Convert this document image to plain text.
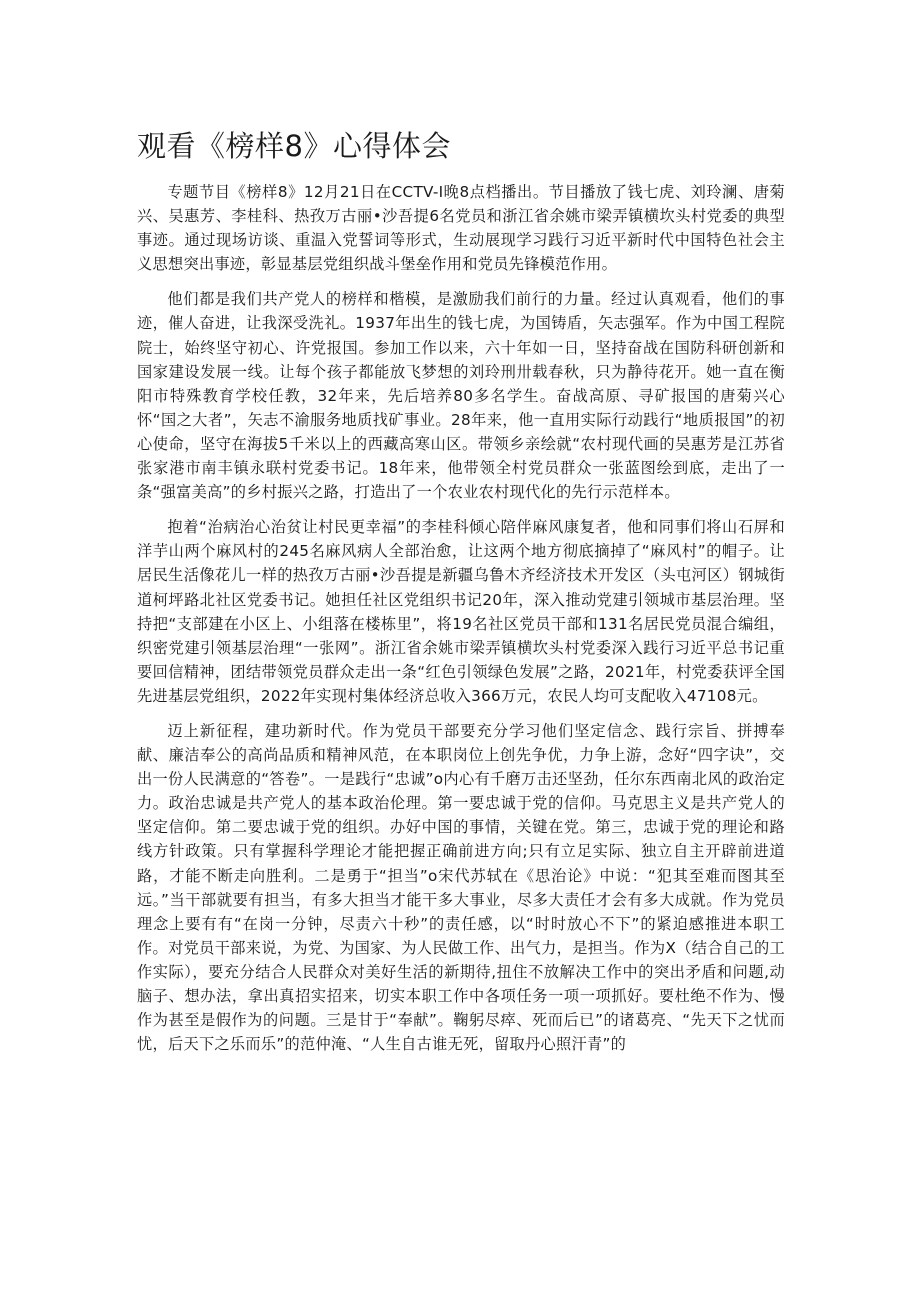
观看《榜样8》心得体会

专题节目《榜样8》12月21日在CCTV-I晚8点档播出。节目播放了钱七虎、刘玲澜、唐菊兴、吴惠芳、李桂科、热孜万古丽•沙吾提6名党员和浙江省余姚市梁弄镇横坎头村党委的典型事迹。通过现场访谈、重温入党誓词等形式，生动展现学习践行习近平新时代中国特色社会主义思想突出事迹，彰显基层党组织战斗堡垒作用和党员先锋模范作用。

他们都是我们共产党人的榜样和楷模，是激励我们前行的力量。经过认真观看，他们的事迹，催人奋进，让我深受洗礼。1937年出生的钱七虎，为国铸盾，矢志强军。作为中国工程院院士，始终坚守初心、许党报国。参加工作以来，六十年如一日，坚持奋战在国防科研创新和国家建设发展一线。让每个孩子都能放飞梦想的刘玲刑卅载春秋，只为静待花开。她一直在衡阳市特殊教育学校任教，32年来，先后培养80多名学生。奋战高原、寻矿报国的唐菊兴心怀“国之大者”，矢志不渝服务地质找矿事业。28年来，他一直用实际行动践行“地质报国”的初心使命，坚守在海拔5千米以上的西藏高寒山区。带领乡亲绘就“农村现代画的吴惠芳是江苏省张家港市南丰镇永联村党委书记。18年来，他带领全村党员群众一张蓝图绘到底，走出了一条“强富美高”的乡村振兴之路，打造出了一个农业农村现代化的先行示范样本。

抱着“治病治心治贫让村民更幸福”的李桂科倾心陪伴麻风康复者，他和同事们将山石屏和洋芋山两个麻风村的245名麻风病人全部治愈，让这两个地方彻底摘掉了“麻风村”的帽子。让居民生活像花儿一样的热孜万古丽•沙吾提是新疆乌鲁木齐经济技术开发区（头屯河区）钢城街道柯坪路北社区党委书记。她担任社区党组织书记20年，深入推动党建引领城市基层治理。坚持把“支部建在小区上、小组落在楼栋里”，将19名社区党员干部和131名居民党员混合编组，织密党建引领基层治理“一张网”。浙江省余姚市梁弄镇横坎头村党委深入践行习近平总书记重要回信精神，团结带领党员群众走出一条“红色引领绿色发展”之路，2021年，村党委获评全国先进基层党组织，2022年实现村集体经济总收入366万元，农民人均可支配收入47108元。

迈上新征程，建功新时代。作为党员干部要充分学习他们坚定信念、践行宗旨、拼搏奉献、廉洁奉公的高尚品质和精神风范，在本职岗位上创先争优，力争上游，念好“四字诀”，交出一份人民满意的“答卷”。一是践行“忠诚”o内心有千磨万击还坚劲，任尔东西南北风的政治定力。政治忠诚是共产党人的基本政治伦理。第一要忠诚于党的信仰。马克思主义是共产党人的坚定信仰。第二要忠诚于党的组织。办好中国的事情，关键在党。第三，忠诚于党的理论和路线方针政策。只有掌握科学理论才能把握正确前进方向;只有立足实际、独立自主开辟前进道路，才能不断走向胜利。二是勇于“担当”o宋代苏轼在《思治论》中说：“犯其至难而图其至远。”当干部就要有担当，有多大担当才能干多大事业，尽多大责任才会有多大成就。作为党员理念上要有有“在岗一分钟，尽责六十秒”的责任感，以“时时放心不下”的紧迫感推进本职工作。对党员干部来说，为党、为国家、为人民做工作、出气力，是担当。作为X（结合自己的工作实际），要充分结合人民群众对美好生活的新期待,扭住不放解决工作中的突出矛盾和问题,动脑子、想办法，拿出真招实招来，切实本职工作中各项任务一项一项抓好。要杜绝不作为、慢作为甚至是假作为的问题。三是甘于“奉献”。鞠躬尽瘁、死而后已”的诸葛亮、“先天下之忧而忧，后天下之乐而乐”的范仲淹、“人生自古谁无死，留取丹心照汗青”的
